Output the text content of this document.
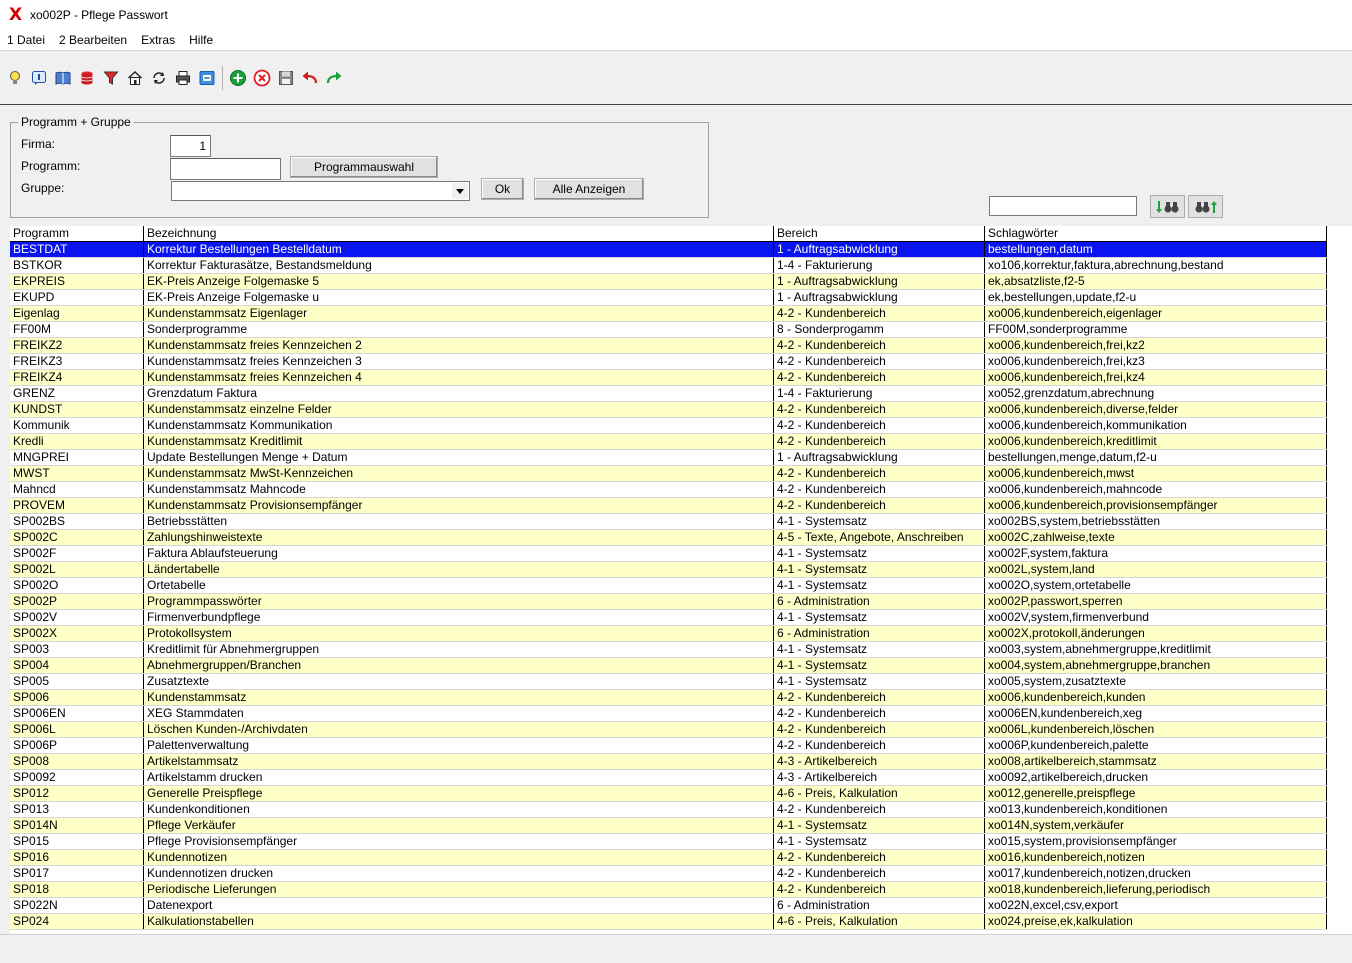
X xo002P - Pflege Passwort
1 Datei	2 Bearbeiten	Extras	Hilfe
Programm + Gruppe
Firma:
1
Programm:	Programmauswahl
Gruppe:	Ok	Alle Anzeigen
Programm	Bezeichnung	Bereich	Schlagwörter
BESTDAT	Korrektur Bestellungen Bestelldatum	1 - Auftragsabwicklung	bestellungen,datum
BSTKOR	Korrektur Fakturasätze, Bestandsmeldung	1-4 - Fakturierung	xo106,korrektur,faktura,abrechnung,bestand
EKPREIS	EK-Preis Anzeige Folgemaske 5	1 - Auftragsabwicklung	ek,absatzliste,f2-5
EKUPD	EK-Preis Anzeige Folgemaske u	1 - Auftragsabwicklung	ek,bestellungen,update,f2-u
Eigenlag	Kundenstammsatz Eigenlager	4-2 - Kundenbereich	xo006,kundenbereich,eigenlager
FF00M	Sonderprogramme	8 - Sonderprogamm	FF00M,sonderprogramme
FREIKZ2	Kundenstammsatz freies Kennzeichen 2	4-2 - Kundenbereich	xo006,kundenbereich,frei,kz2
FREIKZ3	Kundenstammsatz freies Kennzeichen 3	4-2 - Kundenbereich	xo006,kundenbereich,frei,kz3
FREIKZ4	Kundenstammsatz freies Kennzeichen 4	4-2 - Kundenbereich	xo006,kundenbereich,frei,kz4
GRENZ	Grenzdatum Faktura	1-4 - Fakturierung	xo052,grenzdatum,abrechnung
KUNDST	Kundenstammsatz einzelne Felder	4-2 - Kundenbereich	xo006,kundenbereich,diverse,felder
Kommunik	Kundenstammsatz Kommunikation	4-2 - Kundenbereich	xo006,kundenbereich,kommunikation
Kredli	Kundenstammsatz Kreditlimit	4-2 - Kundenbereich	xo006,kundenbereich,kreditlimit
MNGPREI	Update Bestellungen Menge + Datum	1 - Auftragsabwicklung	bestellungen,menge,datum,f2-u
MWST	Kundenstammsatz MwSt-Kennzeichen	4-2 - Kundenbereich	xo006,kundenbereich,mwst
Mahncd	Kundenstammsatz Mahncode	4-2 - Kundenbereich	xo006,kundenbereich,mahncode
PROVEM	Kundenstammsatz Provisionsempfänger	4-2 - Kundenbereich	xo006,kundenbereich,provisionsempfänger
SP002BS	Betriebsstätten	4-1 - Systemsatz	xo002BS,system,betriebsstätten
SP002C	Zahlungshinweistexte	4-5 - Texte, Angebote, Anschreiben	xo002C,zahlweise,texte
SP002F	Faktura Ablaufsteuerung	4-1 - Systemsatz	xo002F,system,faktura
SP002L	Ländertabelle	4-1 - Systemsatz	xo002L,system,land
SP002O	Ortetabelle	4-1 - Systemsatz	xo002O,system,ortetabelle
SP002P	Programmpasswörter	6 - Administration	xo002P,passwort,sperren
SP002V	Firmenverbundpflege	4-1 - Systemsatz	xo002V,system,firmenverbund
SP002X	Protokollsystem	6 - Administration	xo002X,protokoll,änderungen
SP003	Kreditlimit für Abnehmergruppen	4-1 - Systemsatz	xo003,system,abnehmergruppe,kreditlimit
SP004	Abnehmergruppen/Branchen	4-1 - Systemsatz	xo004,system,abnehmergruppe,branchen
SP005	Zusatztexte	4-1 - Systemsatz	xo005,system,zusatztexte
SP006	Kundenstammsatz	4-2 - Kundenbereich	xo006,kundenbereich,kunden
SP006EN	XEG Stammdaten	4-2 - Kundenbereich	xo006EN,kundenbereich,xeg
SP006L	Löschen Kunden-/Archivdaten	4-2 - Kundenbereich	xo006L,kundenbereich,löschen
SP006P	Palettenverwaltung	4-2 - Kundenbereich	xo006P,kundenbereich,palette
SP008	Artikelstammsatz	4-3 - Artikelbereich	xo008,artikelbereich,stammsatz
SP0092	Artikelstamm drucken	4-3 - Artikelbereich	xo0092,artikelbereich,drucken
SP012	Generelle Preispflege	4-6 - Preis, Kalkulation	xo012,generelle,preispflege
SP013	Kundenkonditionen	4-2 - Kundenbereich	xo013,kundenbereich,konditionen
SP014N	Pflege Verkäufer	4-1 - Systemsatz	xo014N,system,verkäufer
SP015	Pflege Provisionsempfänger	4-1 - Systemsatz	xo015,system,provisionsempfänger
SP016	Kundennotizen	4-2 - Kundenbereich	xo016,kundenbereich,notizen
SP017	Kundennotizen drucken	4-2 - Kundenbereich	xo017,kundenbereich,notizen,drucken
SP018	Periodische Lieferungen	4-2 - Kundenbereich	xo018,kundenbereich,lieferung,periodisch
SP022N	Datenexport	6 - Administration	xo022N,excel,csv,export
SP024	Kalkulationstabellen	4-6 - Preis, Kalkulation	xo024,preise,ek,kalkulation
